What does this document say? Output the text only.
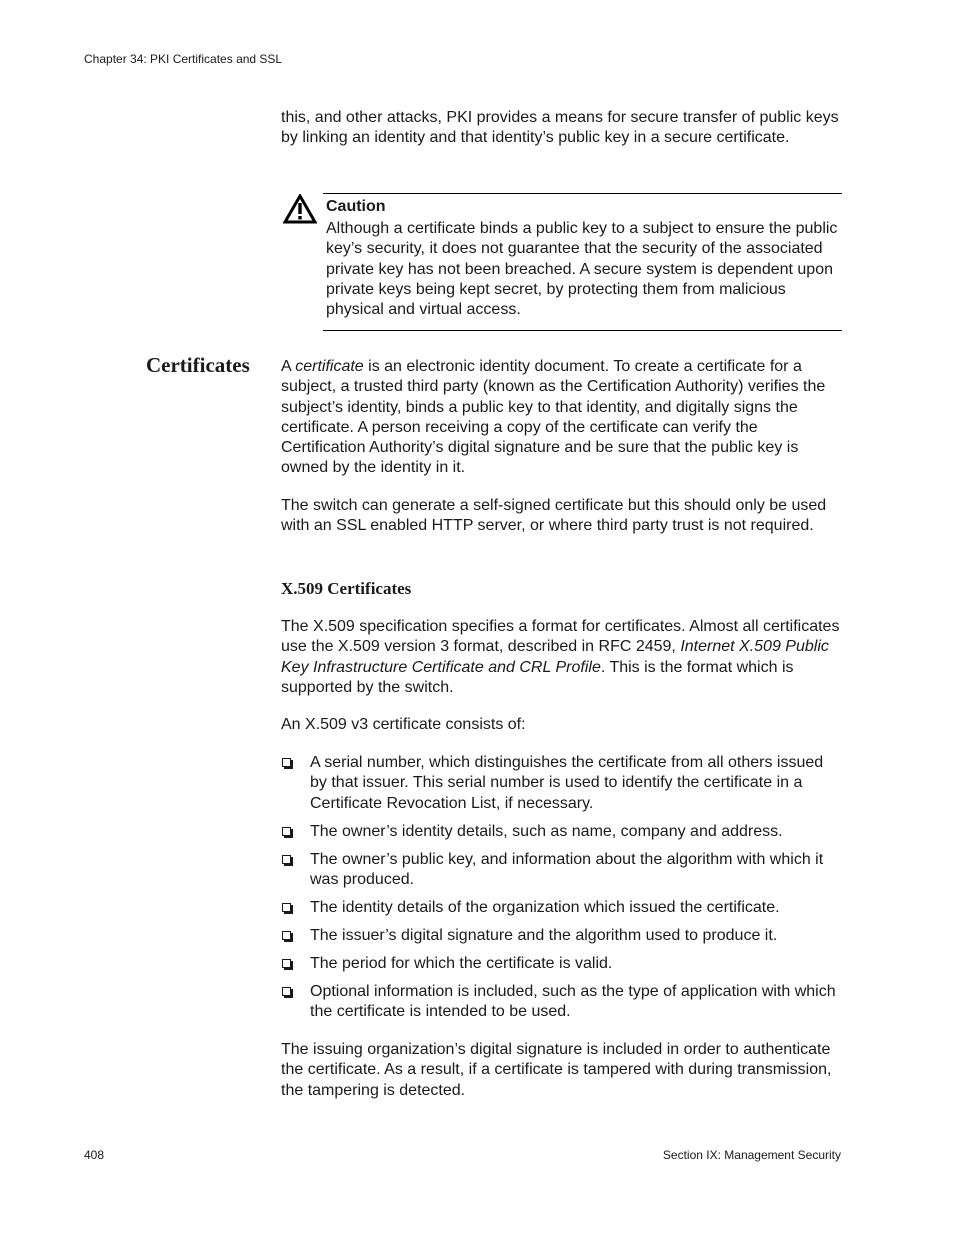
Chapter 34: PKI Certificates and SSL

this, and other attacks, PKI provides a means for secure transfer of public keys by linking an identity and that identity’s public key in a secure certificate.

Caution
Although a certificate binds a public key to a subject to ensure the public key’s security, it does not guarantee that the security of the associated private key has not been breached. A secure system is dependent upon private keys being kept secret, by protecting them from malicious physical and virtual access.
Certificates A certificate is an electronic identity document. To create a certificate for a subject, a trusted third party (known as the Certification Authority) verifies the subject’s identity, binds a public key to that identity, and digitally signs the certificate. A person receiving a copy of the certificate can verify the Certification Authority’s digital signature and be sure that the public key is owned by the identity in it.

The switch can generate a self-signed certificate but this should only be used with an SSL enabled HTTP server, or where third party trust is not required.

X.509 Certificates

The X.509 specification specifies a format for certificates. Almost all certificates use the X.509 version 3 format, described in RFC 2459, Internet X.509 Public Key Infrastructure Certificate and CRL Profile. This is the format which is supported by the switch.

An X.509 v3 certificate consists of:

A serial number, which distinguishes the certificate from all others issued by that issuer. This serial number is used to identify the certificate in a Certificate Revocation List, if necessary.
The owner’s identity details, such as name, company and address.
The owner’s public key, and information about the algorithm with which it was produced.
The identity details of the organization which issued the certificate.
The issuer’s digital signature and the algorithm used to produce it.
The period for which the certificate is valid.
Optional information is included, such as the type of application with which the certificate is intended to be used.

The issuing organization’s digital signature is included in order to authenticate the certificate. As a result, if a certificate is tampered with during transmission, the tampering is detected.

408	Section IX: Management Security
